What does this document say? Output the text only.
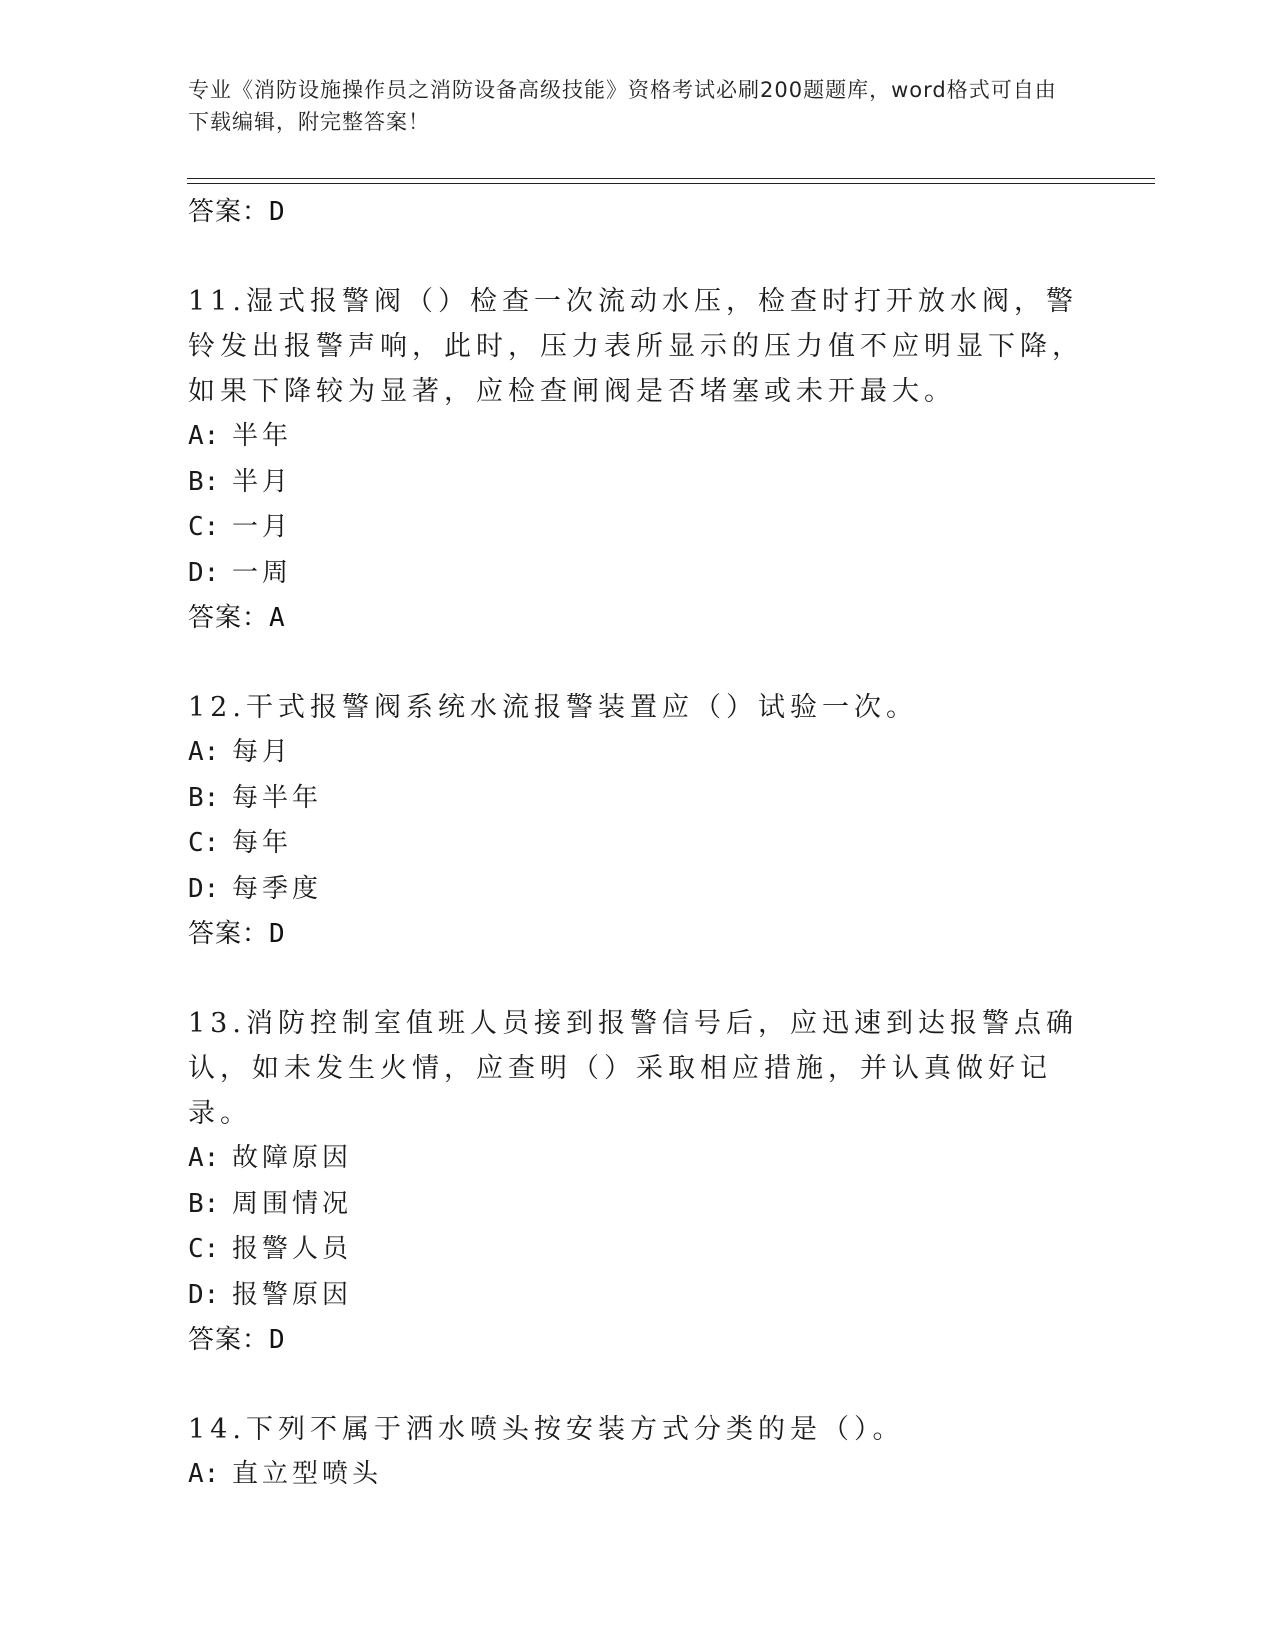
专业《消防设施操作员之消防设备高级技能》资格考试必刷200题题库，word格式可自由下载编辑，附完整答案！
答案：D

11.湿式报警阀（）检查一次流动水压，检查时打开放水阀，警铃发出报警声响，此时，压力表所显示的压力值不应明显下降，如果下降较为显著，应检查闸阀是否堵塞或未开最大。

A: 半年
B: 半月
C: 一月
D: 一周
答案：A

12.干式报警阀系统水流报警装置应（）试验一次。

A: 每月
B: 每半年
C: 每年
D: 每季度
答案：D

13.消防控制室值班人员接到报警信号后，应迅速到达报警点确认，如未发生火情，应查明（）采取相应措施，并认真做好记录。

A: 故障原因
B: 周围情况
C: 报警人员
D: 报警原因
答案：D

14.下列不属于洒水喷头按安装方式分类的是（）。

A: 直立型喷头
